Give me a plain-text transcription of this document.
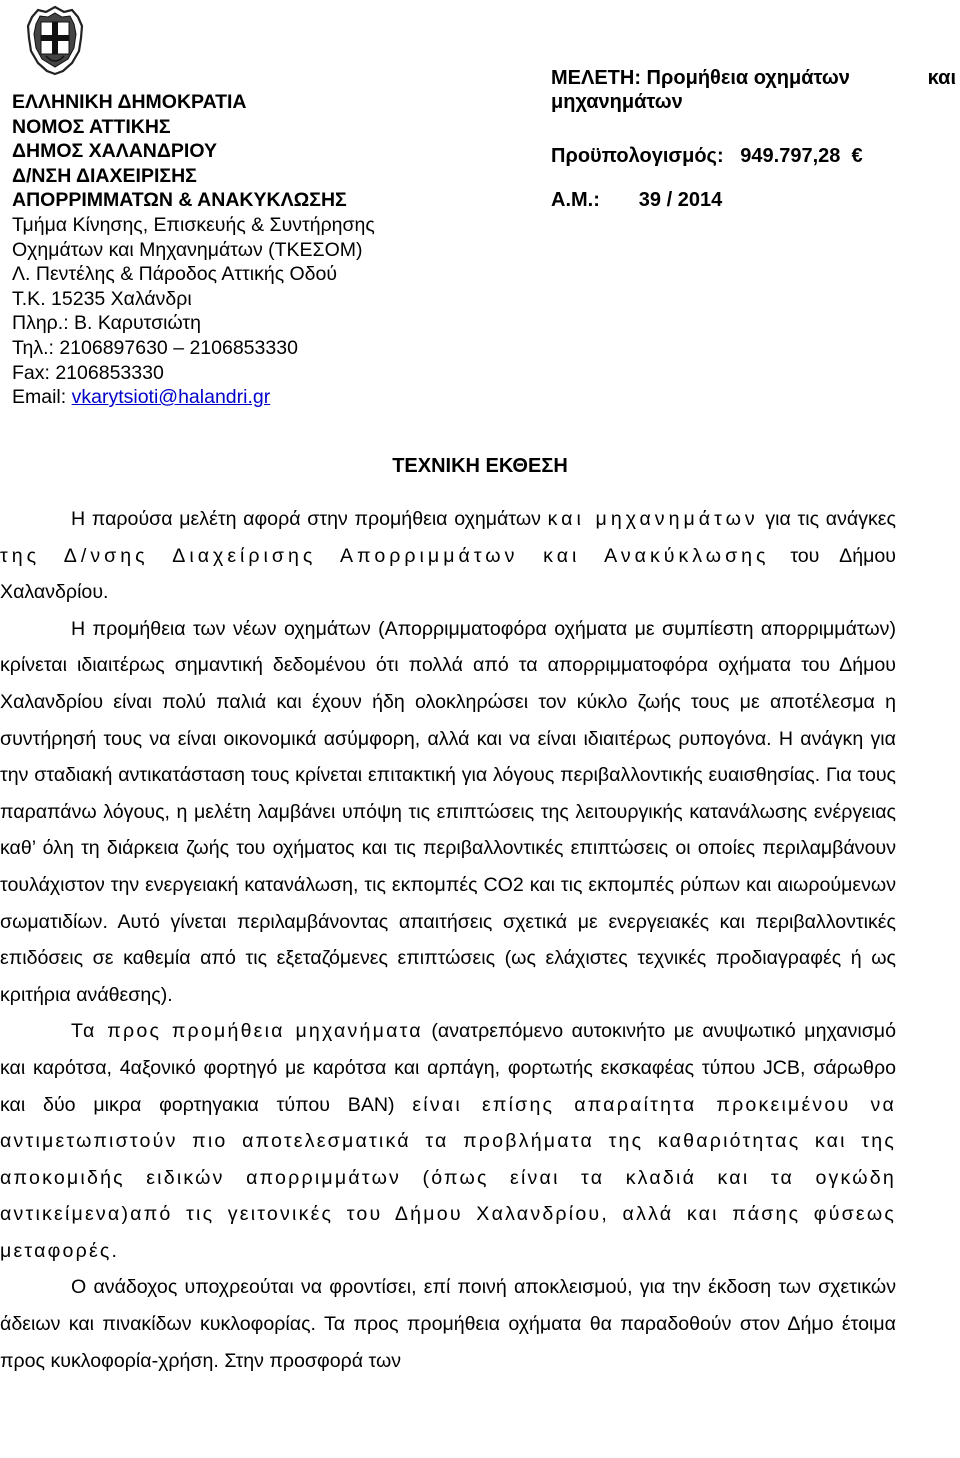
ΕΛΛΗΝΙΚΗ ΔΗΜΟΚΡΑΤΙΑ
ΝΟΜΟΣ ΑΤΤΙΚΗΣ
ΔΗΜΟΣ ΧΑΛΑΝΔΡΙΟΥ
Δ/ΝΣΗ ΔΙΑΧΕΙΡΙΣΗΣ
ΑΠΟΡΡΙΜΜΑΤΩΝ & ΑΝΑΚΥΚΛΩΣΗΣ
Τμήμα Κίνησης, Επισκευής & Συντήρησης
Οχημάτων και Μηχανημάτων (ΤΚΕΣΟΜ)
Λ. Πεντέλης & Πάροδος Αττικής Οδού
Τ.Κ. 15235 Χαλάνδρι
Πληρ.: Β. Καρυτσιώτη
Τηλ.: 2106897630 – 2106853330
Fax: 2106853330
Email: vkarytsioti@halandri.gr
ΜΕΛΕΤΗ: Προμήθεια οχημάτων	και
μηχανημάτων
Προϋπολογισμός: 949.797,28 €
Α.Μ.: 39 / 2014
ΤΕΧΝΙΚΗ ΕΚΘΕΣΗ

Η παρούσα μελέτη αφορά στην προμήθεια οχημάτων και μηχανημάτων για τις ανάγκες της Δ/νσης Διαχείρισης Απορριμμάτων και Ανακύκλωσης του Δήμου Χαλανδρίου.

Η προμήθεια των νέων οχημάτων (Απορριμματοφόρα οχήματα με συμπίεστη απορριμμάτων) κρίνεται ιδιαιτέρως σημαντική δεδομένου ότι πολλά από τα απορριμματοφόρα οχήματα του Δήμου Χαλανδρίου είναι πολύ παλιά και έχουν ήδη ολοκληρώσει τον κύκλο ζωής τους με αποτέλεσμα η συντήρησή τους να είναι οικονομικά ασύμφορη, αλλά και να είναι ιδιαιτέρως ρυπογόνα. Η ανάγκη για την σταδιακή αντικατάσταση τους κρίνεται επιτακτική για λόγους περιβαλλοντικής ευαισθησίας. Για τους παραπάνω λόγους, η μελέτη λαμβάνει υπόψη τις επιπτώσεις της λειτουργικής κατανάλωσης ενέργειας καθ’ όλη τη διάρκεια ζωής του οχήματος και τις περιβαλλοντικές επιπτώσεις οι οποίες περιλαμβάνουν τουλάχιστον την ενεργειακή κατανάλωση, τις εκπομπές CO2 και τις εκπομπές ρύπων και αιωρούμενων σωματιδίων. Αυτό γίνεται περιλαμβάνοντας απαιτήσεις σχετικά με ενεργειακές και περιβαλλοντικές επιδόσεις σε καθεμία από τις εξεταζόμενες επιπτώσεις (ως ελάχιστες τεχνικές προδιαγραφές ή ως κριτήρια ανάθεσης).

Τα προς προμήθεια μηχανήματα (ανατρεπόμενο αυτοκινήτο με ανυψωτικό μηχανισμό και καρότσα, 4αξονικό φορτηγό με καρότσα και αρπάγη, φορτωτής εκσκαφέας τύπου JCB, σάρωθρο και δύο μικρα φορτηγακια τύπου ΒΑΝ) είναι επίσης απαραίτητα προκειμένου να αντιμετωπιστούν πιο αποτελεσματικά τα προβλήματα της καθαριότητας και της αποκομιδής ειδικών απορριμμάτων (όπως είναι τα κλαδιά και τα ογκώδη αντικείμενα)από τις γειτονικές του Δήμου Χαλανδρίου, αλλά και πάσης φύσεως μεταφορές.

Ο ανάδοχος υποχρεούται να φροντίσει, επί ποινή αποκλεισμού, για την έκδοση των σχετικών άδειων και πινακίδων κυκλοφορίας. Τα προς προμήθεια οχήματα θα παραδοθούν στον Δήμο έτοιμα προς κυκλοφορία-χρήση. Στην προσφορά των
